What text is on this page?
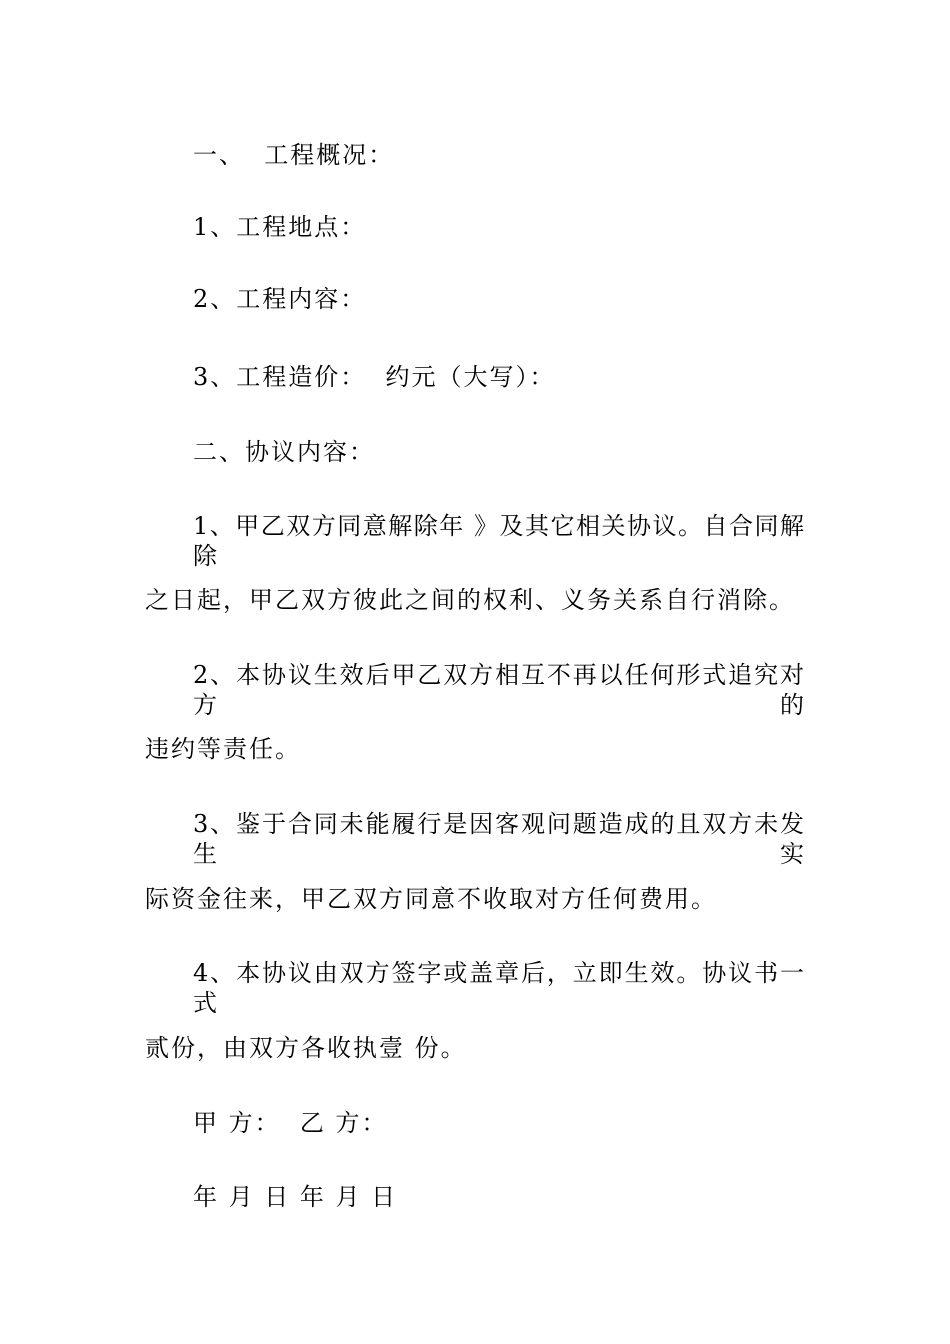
一、  工程概况：
1、工程地点：
2、工程内容：
3、工程造价：  约元（大写）：
二、协议内容：
1、甲乙双方同意解除年 》及其它相关协议。自合同解除
之日起，甲乙双方彼此之间的权利、义务关系自行消除。
2、本协议生效后甲乙双方相互不再以任何形式追究对方的
违约等责任。
3、鉴于合同未能履行是因客观问题造成的且双方未发生实
际资金往来，甲乙双方同意不收取对方任何费用。
4、本协议由双方签字或盖章后，立即生效。协议书一式
贰份，由双方各收执壹 份。
甲 方：  乙 方：
年 月 日 年 月 日
